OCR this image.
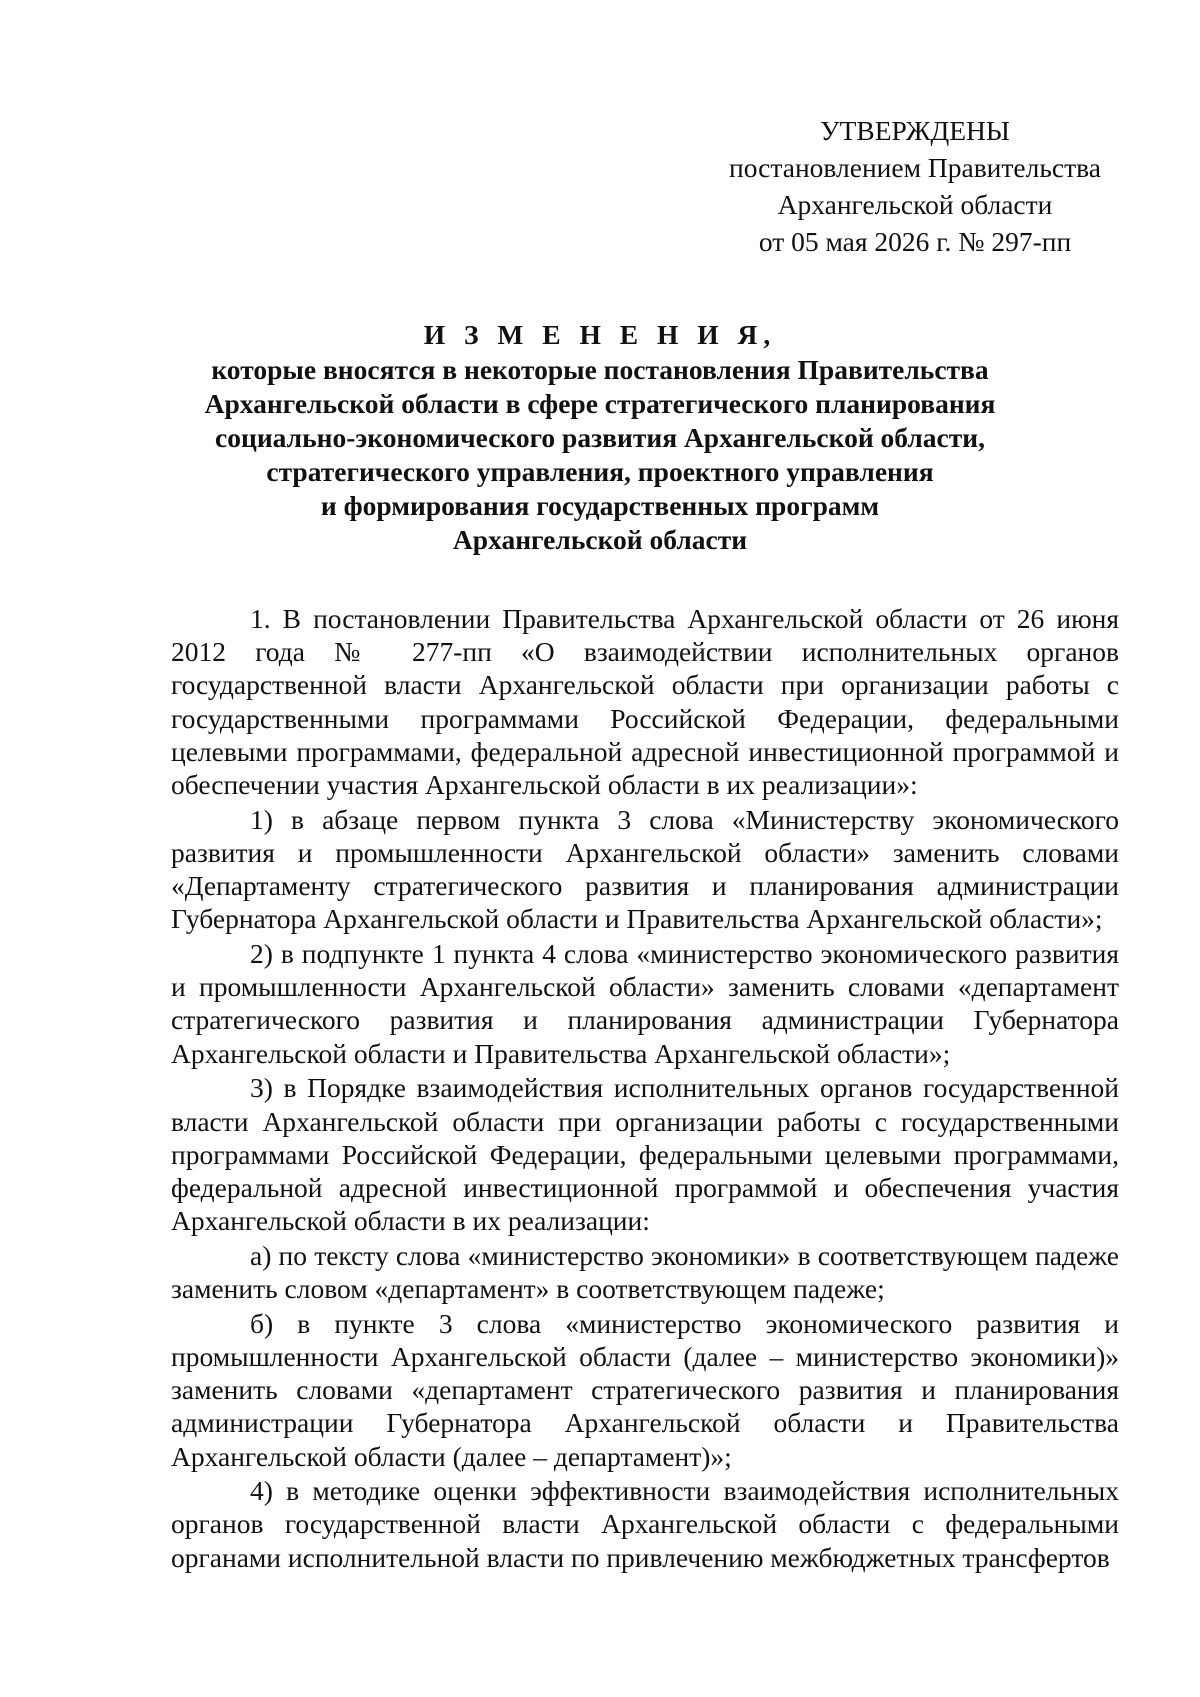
УТВЕРЖДЕНЫ
постановлением Правительства
Архангельской области
от 05 мая 2026 г. № 297-пп
И З М Е Н Е Н И Я,
которые вносятся в некоторые постановления Правительства
Архангельской области в сфере стратегического планирования
социально-экономического развития Архангельской области,
стратегического управления, проектного управления
и формирования государственных программ
Архангельской области

1. В постановлении Правительства Архангельской области от 26 июня 2012 года № 277-пп «О взаимодействии исполнительных органов государственной власти Архангельской области при организации работы с государственными программами Российской Федерации, федеральными целевыми программами, федеральной адресной инвестиционной программой и обеспечении участия Архангельской области в их реализации»:

1) в абзаце первом пункта 3 слова «Министерству экономического развития и промышленности Архангельской области» заменить словами «Департаменту стратегического развития и планирования администрации Губернатора Архангельской области и Правительства Архангельской области»;

2) в подпункте 1 пункта 4 слова «министерство экономического развития и промышленности Архангельской области» заменить словами «департамент стратегического развития и планирования администрации Губернатора Архангельской области и Правительства Архангельской области»;

3) в Порядке взаимодействия исполнительных органов государственной власти Архангельской области при организации работы с государственными программами Российской Федерации, федеральными целевыми программами, федеральной адресной инвестиционной программой и обеспечения участия Архангельской области в их реализации:

а) по тексту слова «министерство экономики» в соответствующем падеже заменить словом «департамент» в соответствующем падеже;

б) в пункте 3 слова «министерство экономического развития и промышленности Архангельской области (далее – министерство экономики)» заменить словами «департамент стратегического развития и планирования администрации Губернатора Архангельской области и Правительства Архангельской области (далее – департамент)»;

4) в методике оценки эффективности взаимодействия исполнительных органов государственной власти Архангельской области с федеральными органами исполнительной власти по привлечению межбюджетных трансфертов
